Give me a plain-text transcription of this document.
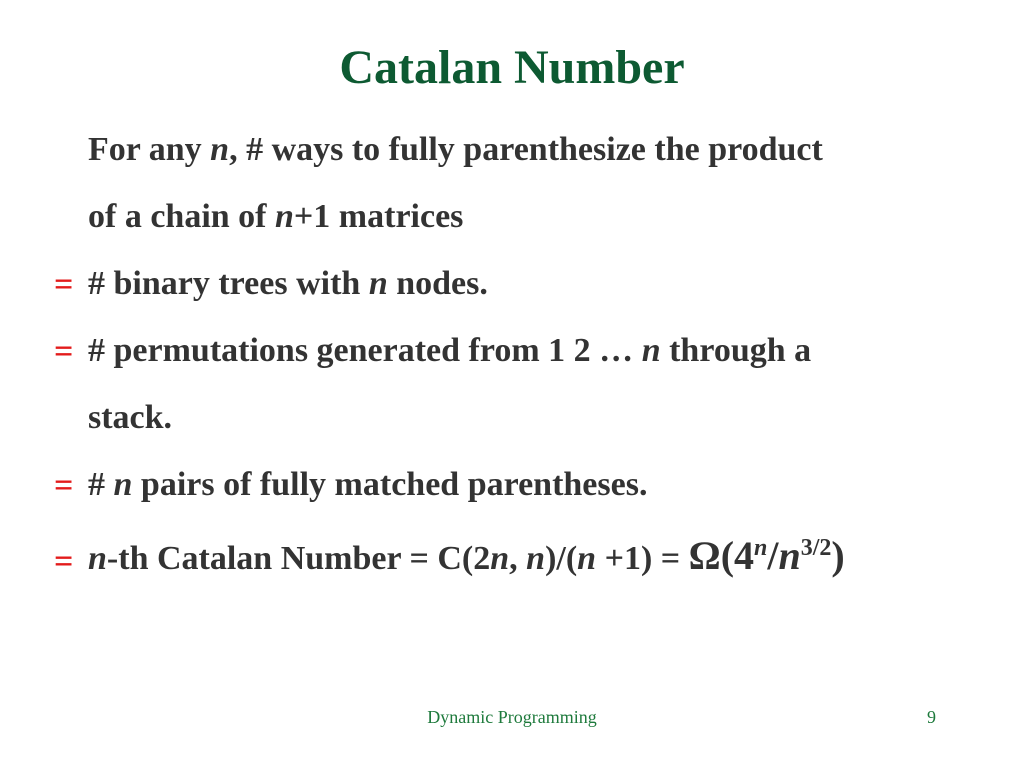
Catalan Number
For any n, # ways to fully parenthesize the product
of a chain of n+1 matrices
= # binary trees with n nodes.
= # permutations generated from 1 2 … n through a
stack.
= # n pairs of fully matched parentheses.
= n-th Catalan Number = C(2n, $n)/(n +1) = \Omega(4^n/n^{3/2})$
Dynamic Programming	9
